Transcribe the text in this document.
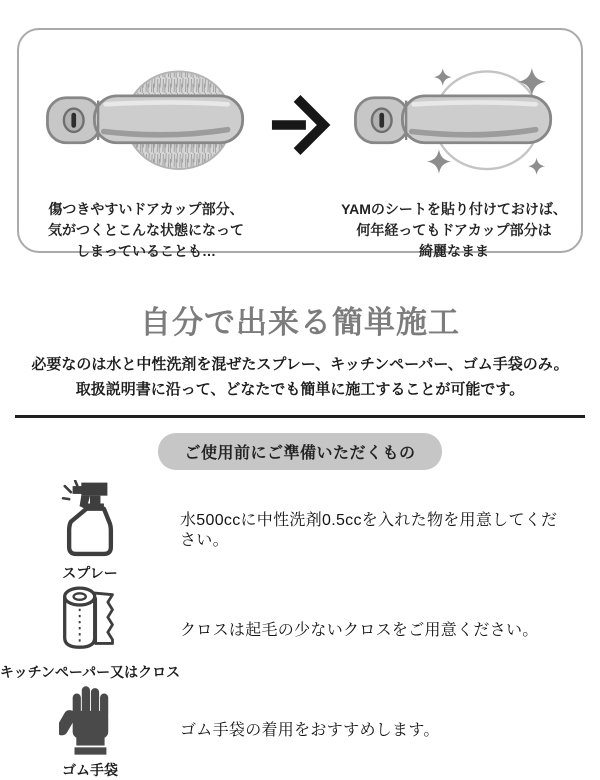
傷つきやすいドアカップ部分、
気がつくとこんな状態になって
しまっていることも…
YAMのシートを貼り付けておけば、
何年経ってもドアカップ部分は
綺麗なまま
自分で出来る簡単施工
必要なのは水と中性洗剤を混ぜたスプレー、キッチンペーパー、ゴム手袋のみ。
取扱説明書に沿って、どなたでも簡単に施工することが可能です。
ご使用前にご準備いただくもの
スプレー
水500ccに中性洗剤0.5ccを入れた物を用意してください。
キッチンペーパー又はクロス
クロスは起毛の少ないクロスをご用意ください。
ゴム手袋
ゴム手袋の着用をおすすめします。
